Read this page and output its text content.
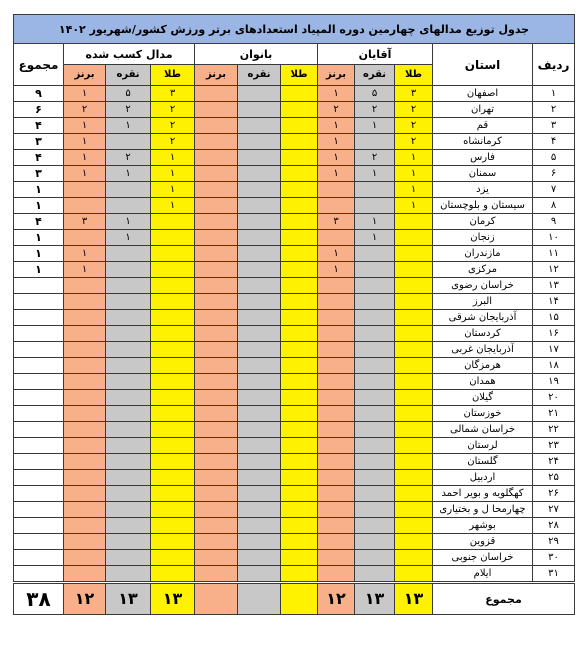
جدول توزیع مدالهای چهارمین دوره المپیاد استعدادهای برتر ورزش کشور/شهریور ۱۴۰۲											
مجموع	مدال کسب شده			بانوان			آقایان			استان	ردیف
	برنز	نقره	طلا	برنز	نقره	طلا	برنز	نقره	طلا		
۹	۱	۵	۳				۱	۵	۳	اصفهان	۱
۶	۲	۲	۲				۲	۲	۲	تهران	۲
۴	۱	۱	۲				۱	۱	۲	قم	۳
۳	۱		۲				۱		۲	کرمانشاه	۴
۴	۱	۲	۱				۱	۲	۱	فارس	۵
۳	۱	۱	۱				۱	۱	۱	سمنان	۶
۱			۱						۱	یزد	۷
۱			۱						۱	سیستان و بلوچستان	۸
۴	۳	۱					۳	۱		کرمان	۹
۱		۱						۱		زنجان	۱۰
۱	۱						۱			مازندران	۱۱
۱	۱						۱			مرکزی	۱۲
										خراسان رضوی	۱۳
										البرز	۱۴
										آذربایجان شرقی	۱۵
										کردستان	۱۶
										آذربایجان غربی	۱۷
										هرمزگان	۱۸
										همدان	۱۹
										گیلان	۲۰
										خوزستان	۲۱
										خراسان شمالی	۲۲
										لرستان	۲۳
										گلستان	۲۴
										اردبیل	۲۵
										کهگلویه و بویر احمد	۲۶
										چهارمحا ل و بختیاری	۲۷
										بوشهر	۲۸
										قزوین	۲۹
										خراسان جنوبی	۳۰
										ایلام	۳۱
۳۸	۱۲	۱۳	۱۳				۱۲	۱۳	۱۳	مجموع	
